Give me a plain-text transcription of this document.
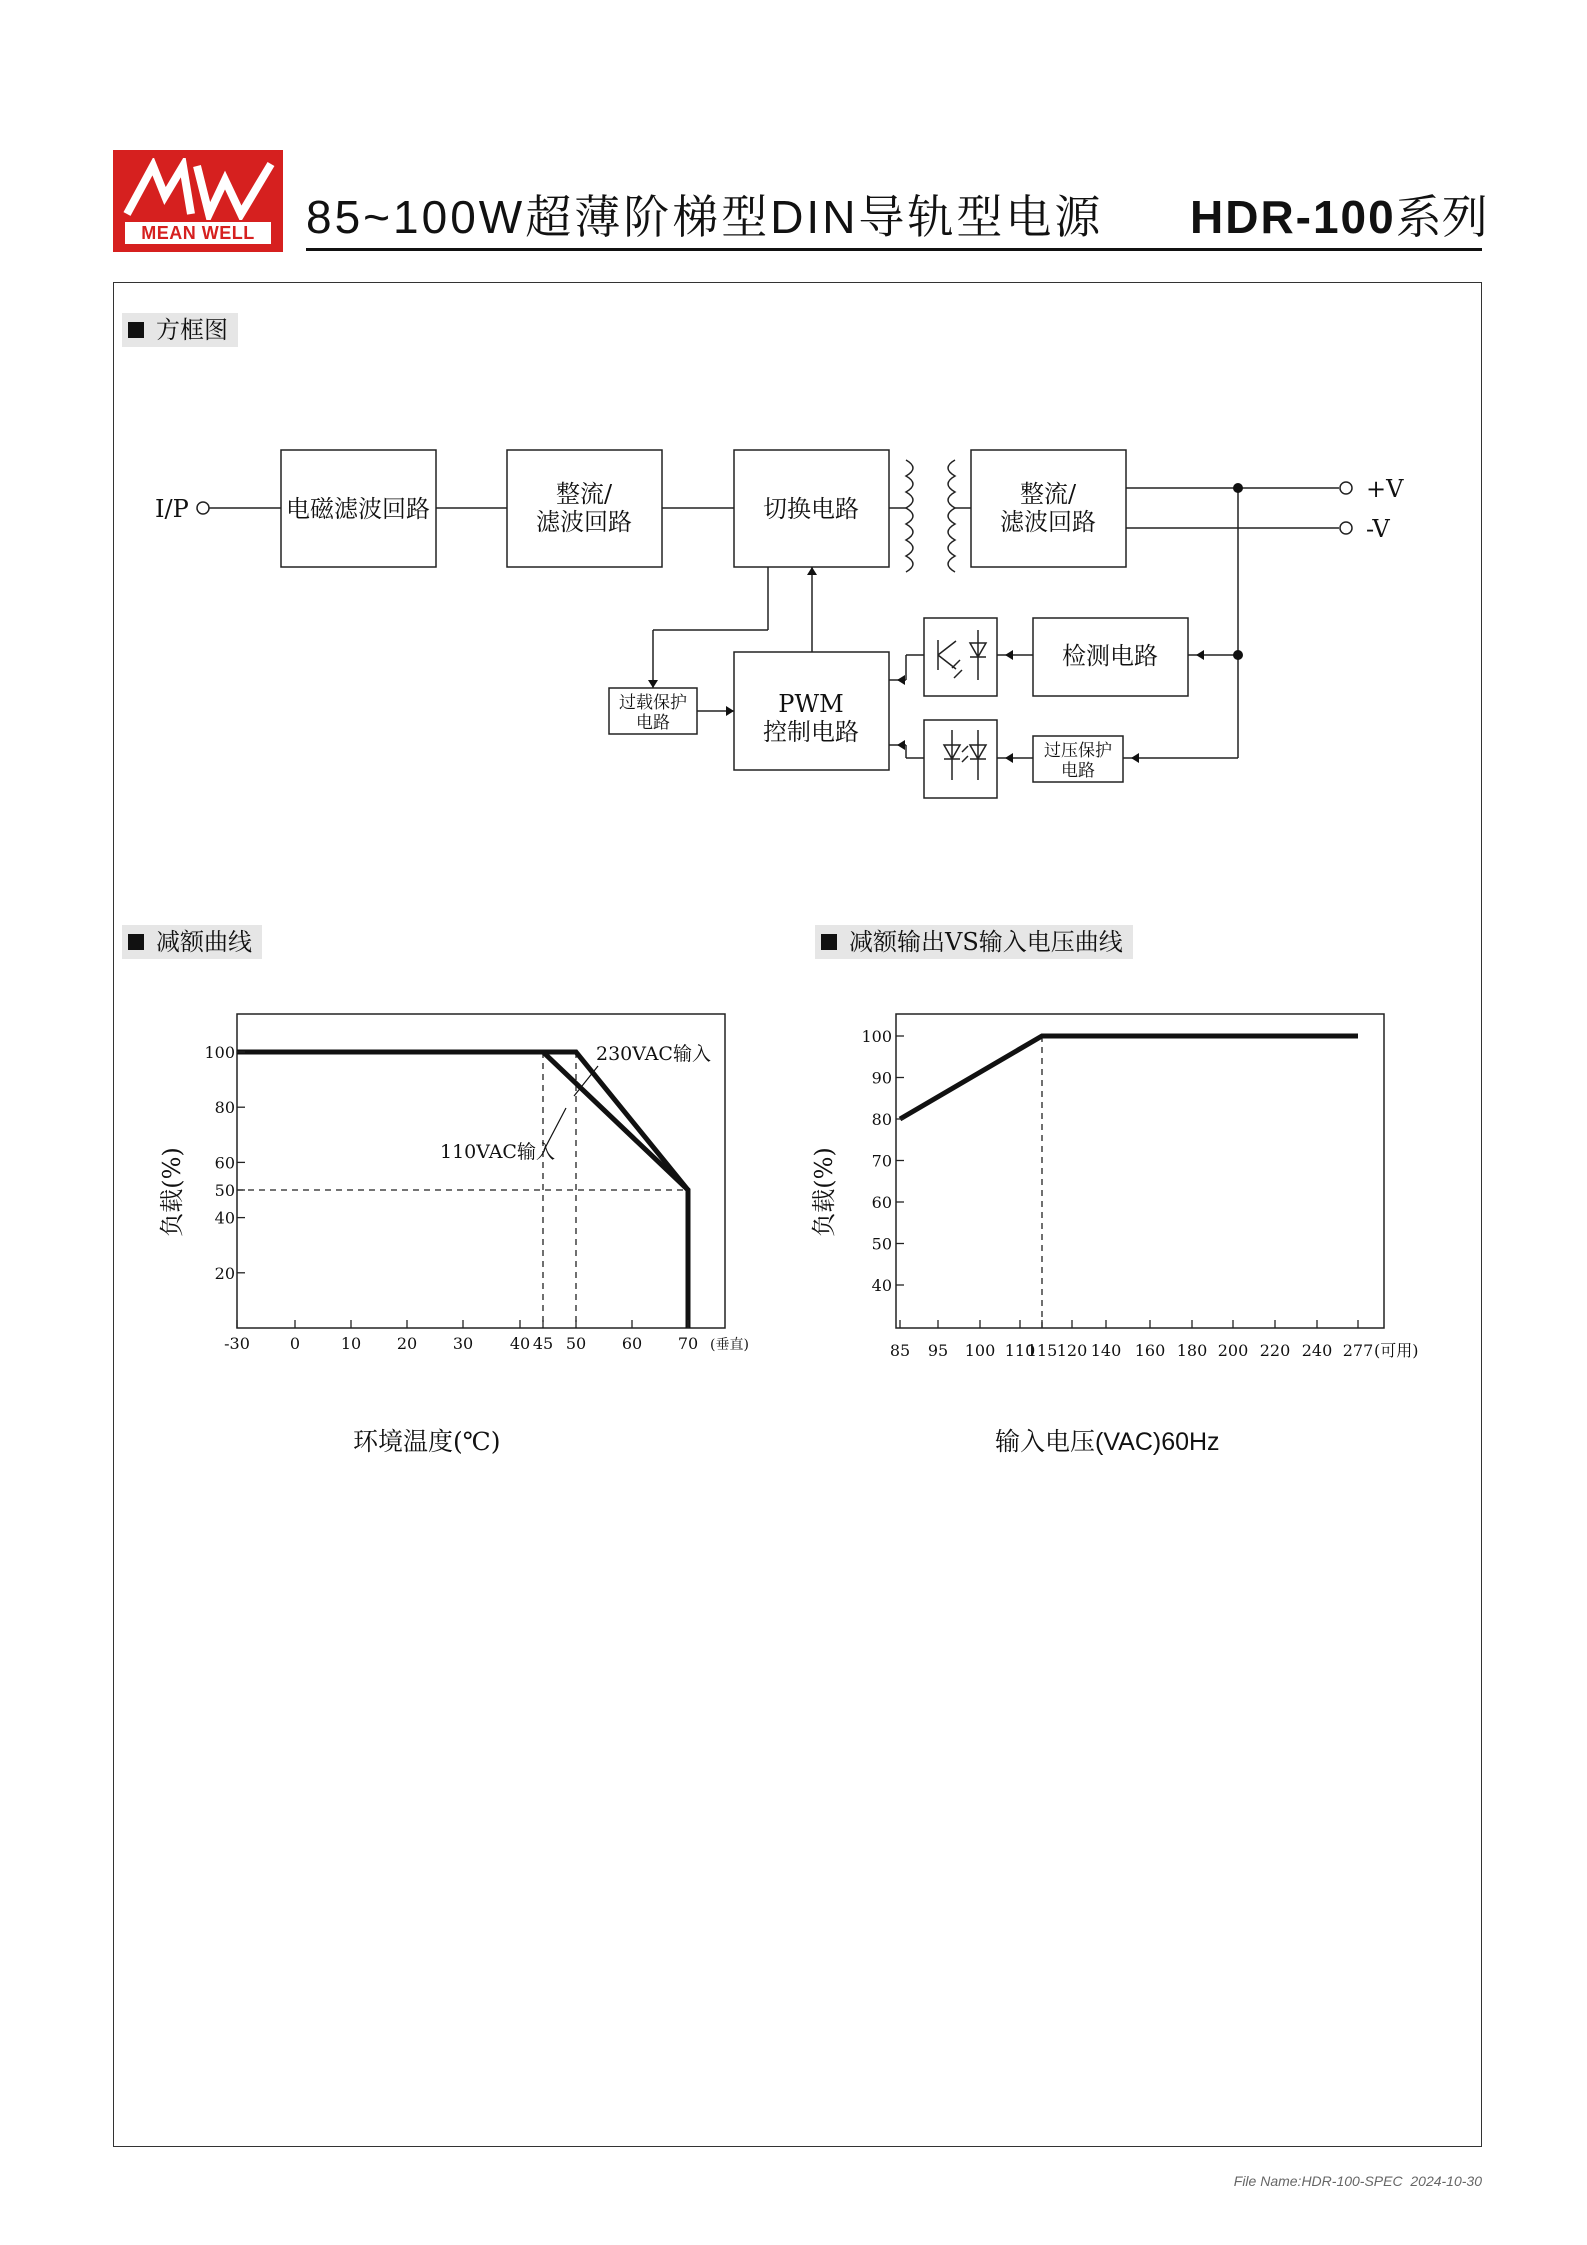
MEAN WELL	85~100W超薄阶梯型DIN导轨型电源 HDR-100系列
方框图
减额曲线	减额输出VS输入电压曲线
I/P	电磁滤波回路
整流/
滤波回路	切换电路
整流/
滤波回路
PWM
控制电路
检测电路
+V
-V
过载保护
电路
过压保护
电路
-30	0	10 20 30 40 45 50 60 70
20
40
50
60
80
100
(垂直)
230VAC输入
110VAC输入
负载(%)
环境温度(℃)
85 95 100 110
115 120 140 160 180 200 220 240 277
40
50
60
70
80
90
100
(可用)
负载(%)
输入电压(VAC)60Hz
File Name:HDR-100-SPEC 2024-10-30
